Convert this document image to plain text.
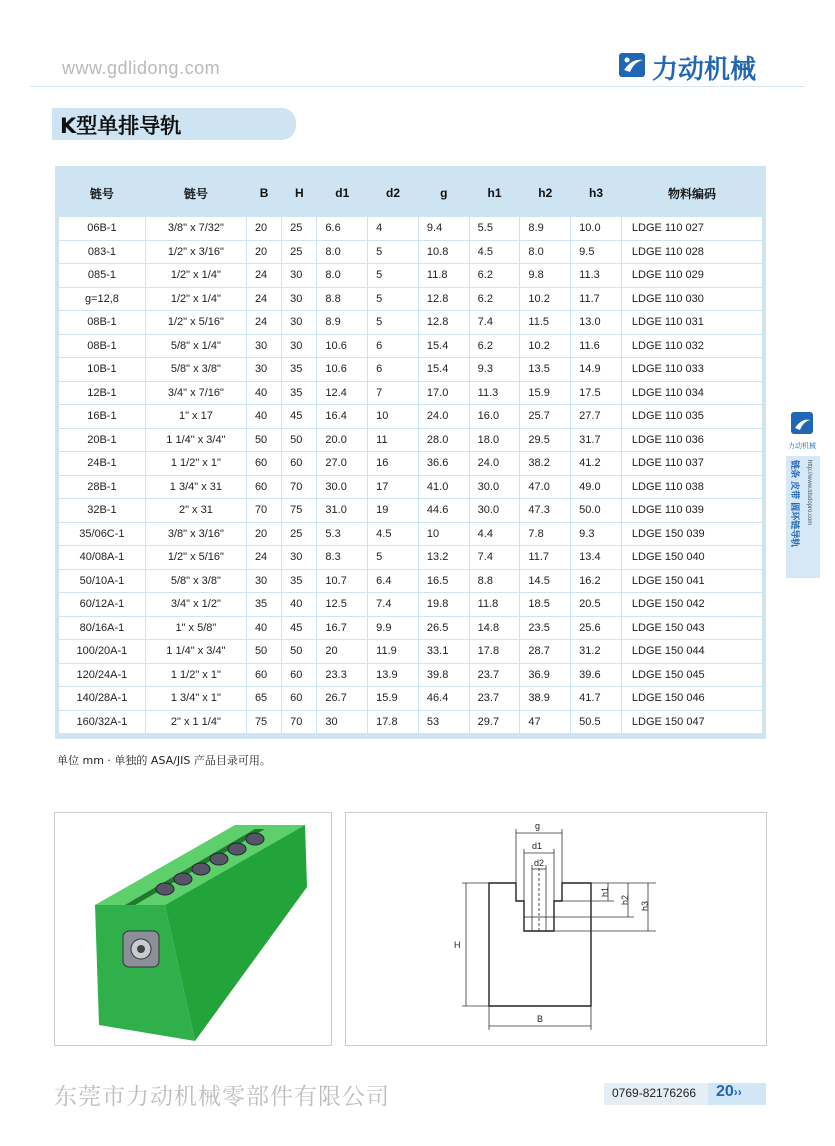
www.gdlidong.com	力动机械
K型单排导轨
链号	链号	B	H	d1	d2	g	h1	h2	h3	物料编码
06B-1	3/8" x 7/32"	20	25	6.6	4	9.4	5.5	8.9	10.0	LDGE 110 027
083-1	1/2" x 3/16"	20	25	8.0	5	10.8	4.5	8.0	9.5	LDGE 110 028
085-1	1/2" x 1/4"	24	30	8.0	5	11.8	6.2	9.8	11.3	LDGE 110 029
g=12,8	1/2" x 1/4"	24	30	8.8	5	12.8	6.2	10.2	11.7	LDGE 110 030
08B-1	1/2" x 5/16"	24	30	8.9	5	12.8	7.4	11.5	13.0	LDGE 110 031
08B-1	5/8" x 1/4"	30	30	10.6	6	15.4	6.2	10.2	11.6	LDGE 110 032
10B-1	5/8" x 3/8"	30	35	10.6	6	15.4	9.3	13.5	14.9	LDGE 110 033
12B-1	3/4" x 7/16"	40	35	12.4	7	17.0	11.3	15.9	17.5	LDGE 110 034
16B-1	1" x 17	40	45	16.4	10	24.0	16.0	25.7	27.7	LDGE 110 035
20B-1	1 1/4" x 3/4"	50	50	20.0	11	28.0	18.0	29.5	31.7	LDGE 110 036
24B-1	1 1/2" x 1"	60	60	27.0	16	36.6	24.0	38.2	41.2	LDGE 110 037
28B-1	1 3/4" x 31	60	70	30.0	17	41.0	30.0	47.0	49.0	LDGE 110 038
32B-1	2" x 31	70	75	31.0	19	44.6	30.0	47.3	50.0	LDGE 110 039
35/06C-1	3/8" x 3/16"	20	25	5.3	4.5	10	4.4	7.8	9.3	LDGE 150 039
40/08A-1	1/2" x 5/16"	24	30	8.3	5	13.2	7.4	11.7	13.4	LDGE 150 040
50/10A-1	5/8" x 3/8"	30	35	10.7	6.4	16.5	8.8	14.5	16.2	LDGE 150 041
60/12A-1	3/4" x 1/2"	35	40	12.5	7.4	19.8	11.8	18.5	20.5	LDGE 150 042
80/16A-1	1" x 5/8"	40	45	16.7	9.9	26.5	14.8	23.5	25.6	LDGE 150 043
100/20A-1	1 1/4" x 3/4"	50	50	20	11.9	33.1	17.8	28.7	31.2	LDGE 150 044
120/24A-1	1 1/2" x 1"	60	60	23.3	13.9	39.8	23.7	36.9	39.6	LDGE 150 045
140/28A-1	1 3/4" x 1"	65	60	26.7	15.9	46.4	23.7	38.9	41.7	LDGE 150 046
160/32A-1	2" x 1 1/4"	75	70	30	17.8	53	29.7	47	50.5	LDGE 150 047
单位 mm · 单独的 ASA/JIS 产品目录可用。
g
d1
d2
H
B
h1
h2
h3
力动机械
链条 皮带 圆环链导轨	http://www.ldsdopro.com
东莞市力动机械零部件有限公司	0769-82176266 20››
